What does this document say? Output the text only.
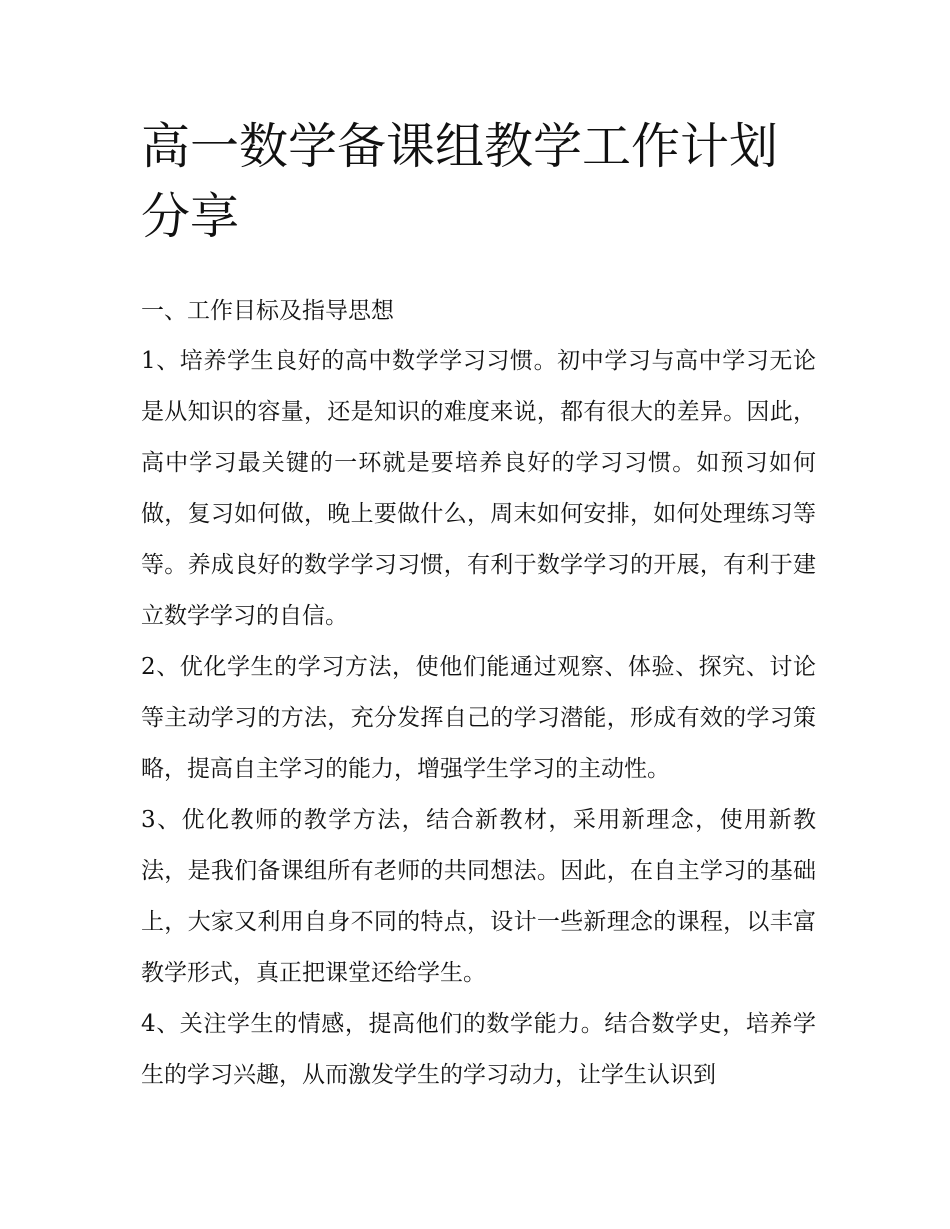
高一数学备课组教学工作计划分享
一、工作目标及指导思想

1、培养学生良好的高中数学学习习惯。初中学习与高中学习无论是从知识的容量，还是知识的难度来说，都有很大的差异。因此，高中学习最关键的一环就是要培养良好的学习习惯。如预习如何做，复习如何做，晚上要做什么，周末如何安排，如何处理练习等等。养成良好的数学学习习惯，有利于数学学习的开展，有利于建立数学学习的自信。

2、优化学生的学习方法，使他们能通过观察、体验、探究、讨论等主动学习的方法，充分发挥自己的学习潜能，形成有效的学习策略，提高自主学习的能力，增强学生学习的主动性。

3、优化教师的教学方法，结合新教材，采用新理念，使用新教法，是我们备课组所有老师的共同想法。因此，在自主学习的基础上，大家又利用自身不同的特点，设计一些新理念的课程，以丰富教学形式，真正把课堂还给学生。

4、关注学生的情感，提高他们的数学能力。结合数学史，培养学生的学习兴趣，从而激发学生的学习动力，让学生认识到
